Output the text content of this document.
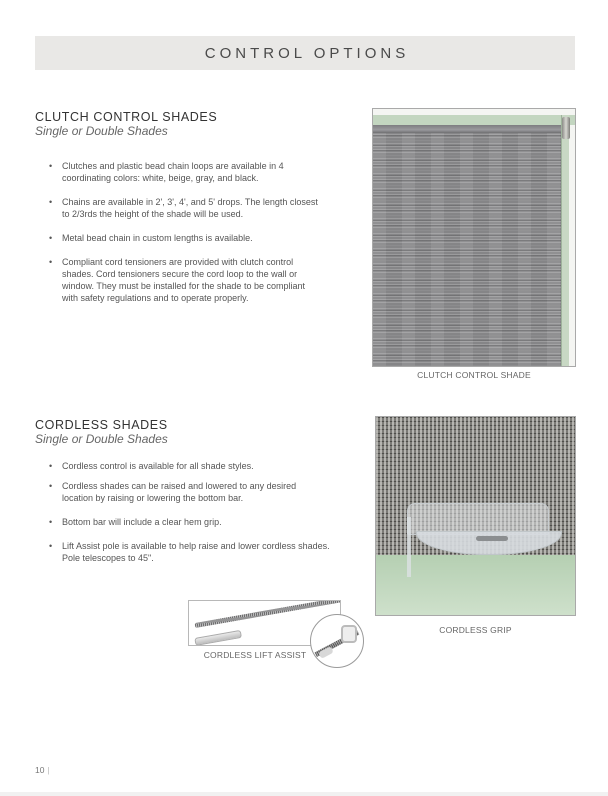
CONTROL OPTIONS
CLUTCH CONTROL SHADES
Single or Double Shades
• Clutches and plastic bead chain loops are available in 4
coordinating colors: white, beige, gray, and black.
• Chains are available in 2', 3', 4', and 5' drops. The length closest
to 2/3rds the height of the shade will be used.
• Metal bead chain in custom lengths is available.
• Compliant cord tensioners are provided with clutch control
shades. Cord tensioners secure the cord loop to the wall or
window. They must be installed for the shade to be compliant
with safety regulations and to operate properly.
CLUTCH CONTROL SHADE
CORDLESS SHADES
Single or Double Shades
• Cordless control is available for all shade styles.
• Cordless shades can be raised and lowered to any desired
location by raising or lowering the bottom bar.
• Bottom bar will include a clear hem grip.
• Lift Assist pole is available to help raise and lower cordless shades.
Pole telescopes to 45".
CORDLESS GRIP
CORDLESS LIFT ASSIST
10 |
